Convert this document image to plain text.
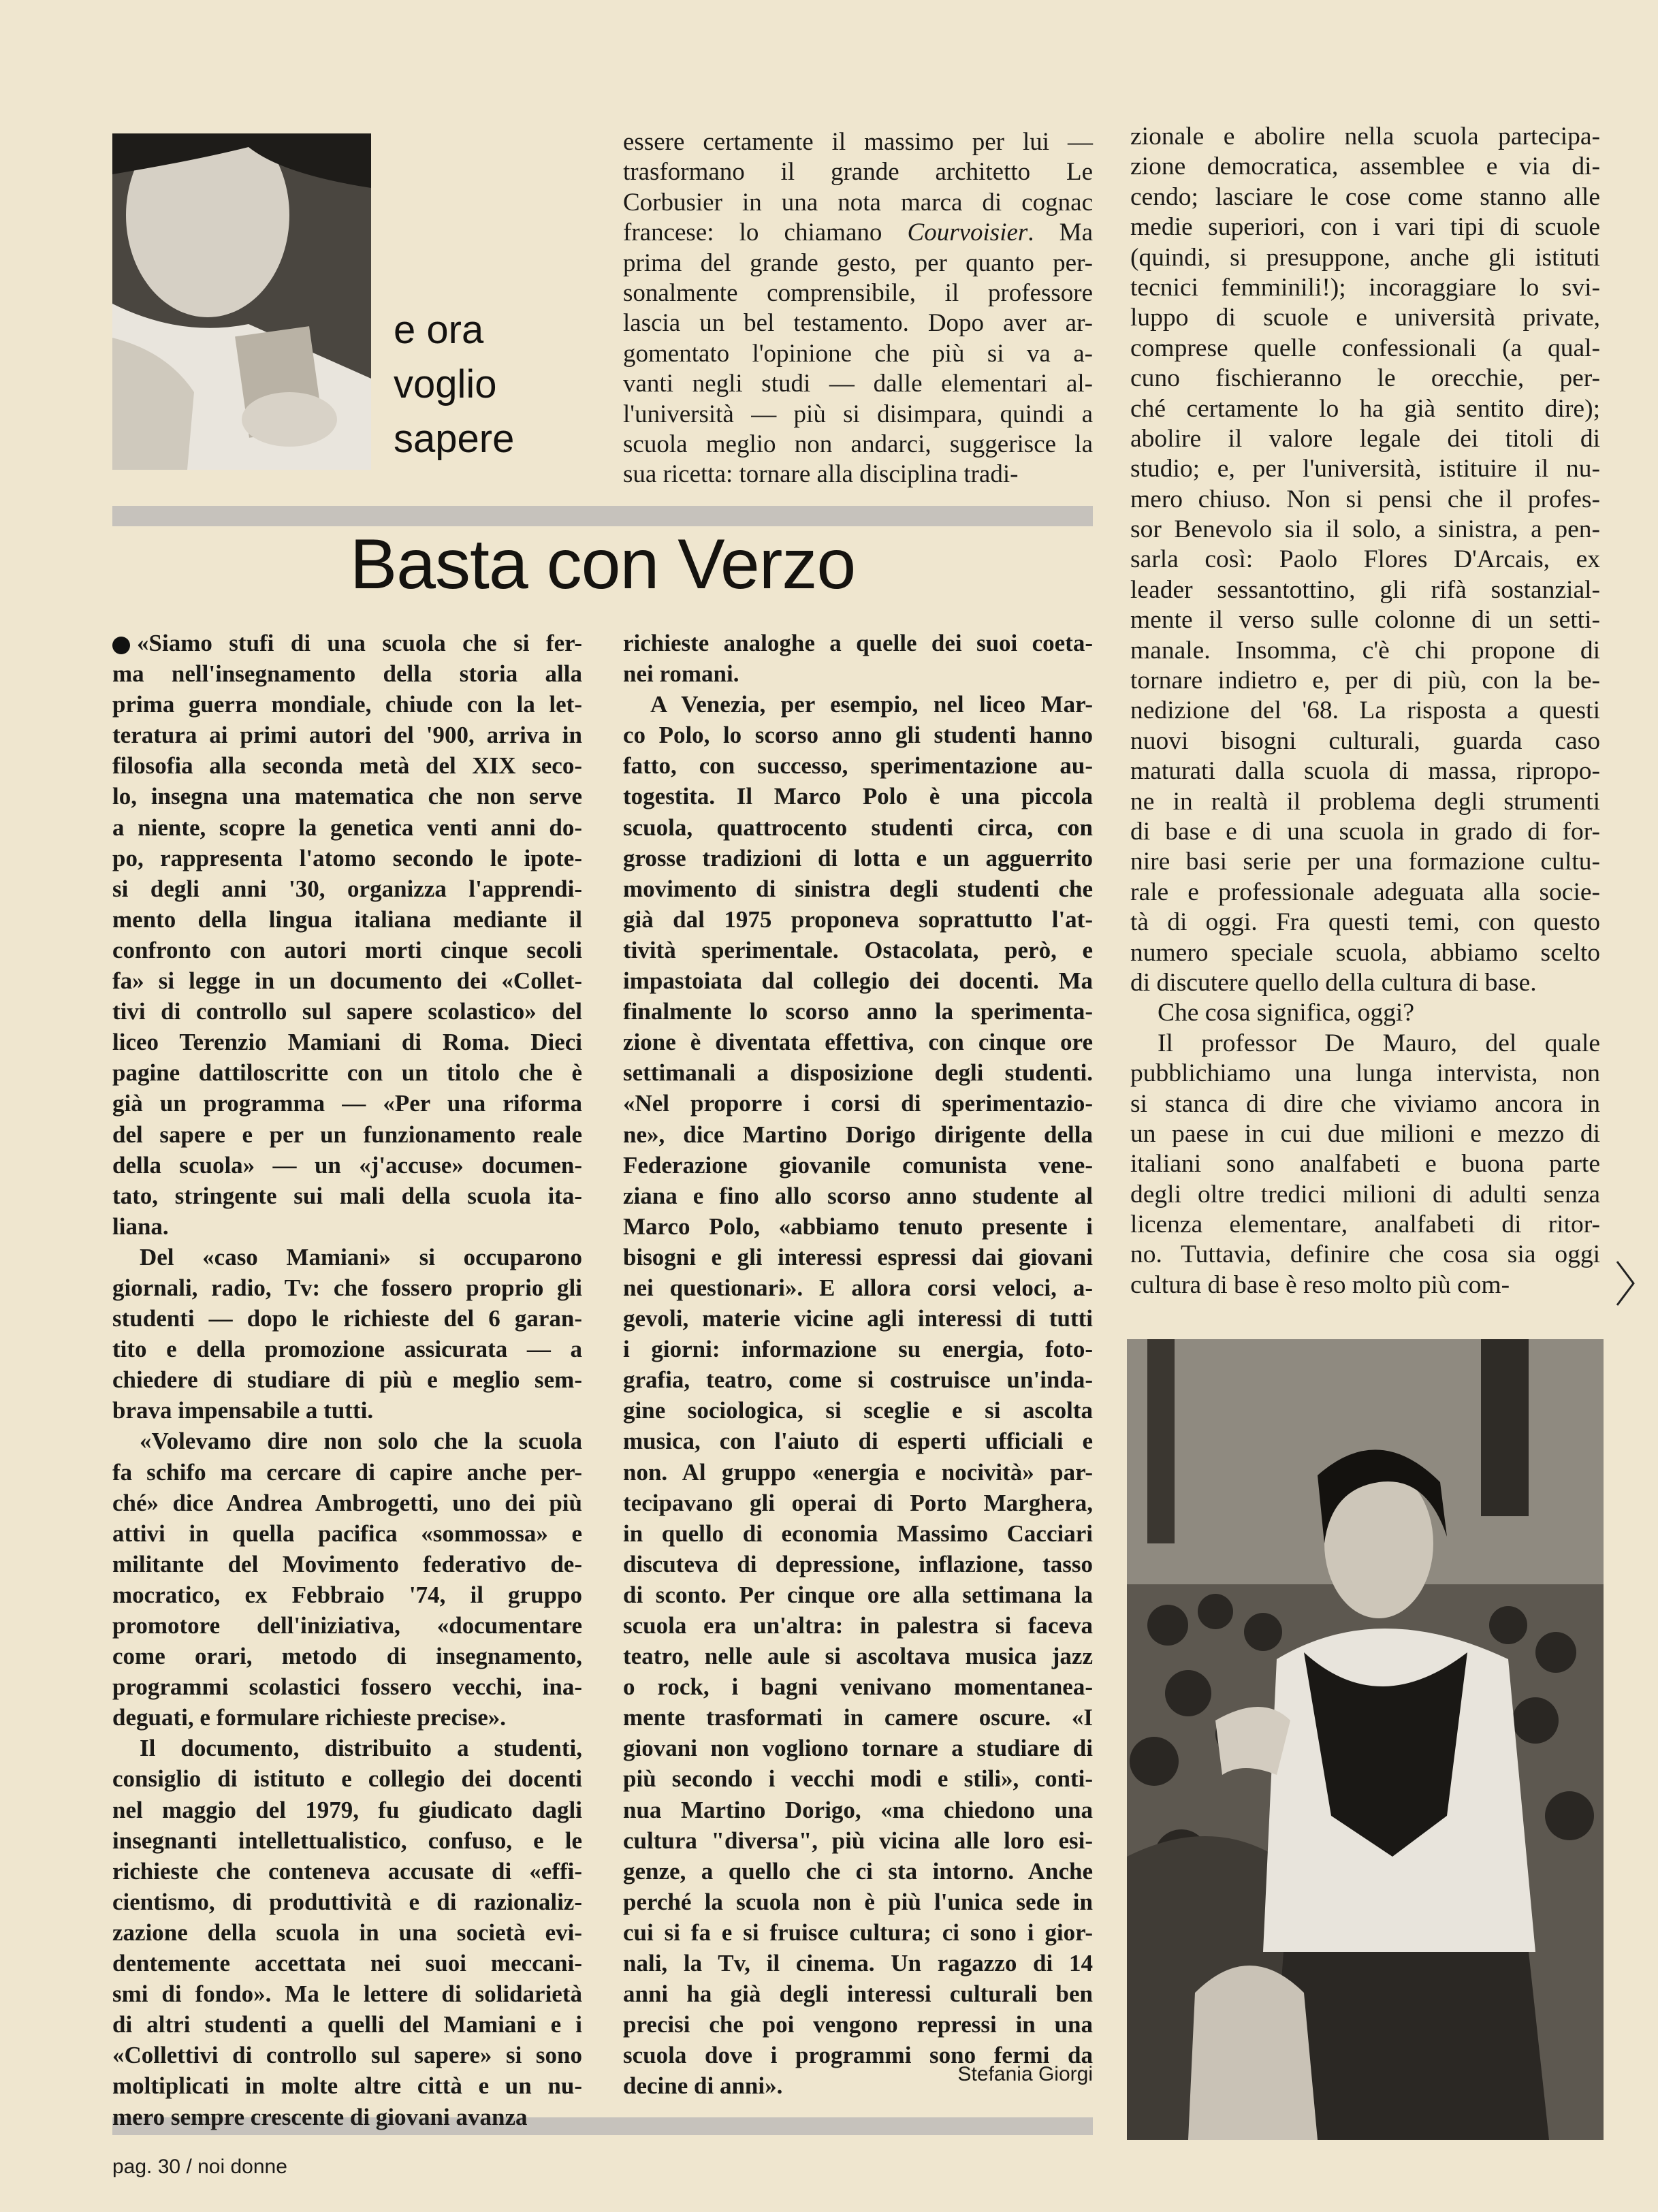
e ora
voglio
sapere
essere certamente il massimo per lui —
trasformano il grande architetto Le
Corbusier in una nota marca di cognac
francese: lo chiamano Courvoisier. Ma
prima del grande gesto, per quanto per-
sonalmente comprensibile, il professore
lascia un bel testamento. Dopo aver ar-
gomentato l'opinione che più si va a-
vanti negli studi — dalle elementari al-
l'università — più si disimpara, quindi a
scuola meglio non andarci, suggerisce la
sua ricetta: tornare alla disciplina tradi-
Basta con Verzo
«Siamo stufi di una scuola che si fer-
ma nell'insegnamento della storia alla
prima guerra mondiale, chiude con la let-
teratura ai primi autori del '900, arriva in
filosofia alla seconda metà del XIX seco-
lo, insegna una matematica che non serve
a niente, scopre la genetica venti anni do-
po, rappresenta l'atomo secondo le ipote-
si degli anni '30, organizza l'apprendi-
mento della lingua italiana mediante il
confronto con autori morti cinque secoli
fa» si legge in un documento dei «Collet-
tivi di controllo sul sapere scolastico» del
liceo Terenzio Mamiani di Roma. Dieci
pagine dattiloscritte con un titolo che è
già un programma — «Per una riforma
del sapere e per un funzionamento reale
della scuola» — un «j'accuse» documen-
tato, stringente sui mali della scuola ita-
liana.
Del «caso Mamiani» si occuparono
giornali, radio, Tv: che fossero proprio gli
studenti — dopo le richieste del 6 garan-
tito e della promozione assicurata — a
chiedere di studiare di più e meglio sem-
brava impensabile a tutti.
«Volevamo dire non solo che la scuola
fa schifo ma cercare di capire anche per-
ché» dice Andrea Ambrogetti, uno dei più
attivi in quella pacifica «sommossa» e
militante del Movimento federativo de-
mocratico, ex Febbraio '74, il gruppo
promotore dell'iniziativa, «documentare
come orari, metodo di insegnamento,
programmi scolastici fossero vecchi, ina-
deguati, e formulare richieste precise».
Il documento, distribuito a studenti,
consiglio di istituto e collegio dei docenti
nel maggio del 1979, fu giudicato dagli
insegnanti intellettualistico, confuso, e le
richieste che conteneva accusate di «effi-
cientismo, di produttività e di razionaliz-
zazione della scuola in una società evi-
dentemente accettata nei suoi meccani-
smi di fondo». Ma le lettere di solidarietà
di altri studenti a quelli del Mamiani e i
«Collettivi di controllo sul sapere» si sono
moltiplicati in molte altre città e un nu-
mero sempre crescente di giovani avanza
richieste analoghe a quelle dei suoi coeta-
nei romani.
A Venezia, per esempio, nel liceo Mar-
co Polo, lo scorso anno gli studenti hanno
fatto, con successo, sperimentazione au-
togestita. Il Marco Polo è una piccola
scuola, quattrocento studenti circa, con
grosse tradizioni di lotta e un agguerrito
movimento di sinistra degli studenti che
già dal 1975 proponeva soprattutto l'at-
tività sperimentale. Ostacolata, però, e
impastoiata dal collegio dei docenti. Ma
finalmente lo scorso anno la sperimenta-
zione è diventata effettiva, con cinque ore
settimanali a disposizione degli studenti.
«Nel proporre i corsi di sperimentazio-
ne», dice Martino Dorigo dirigente della
Federazione giovanile comunista vene-
ziana e fino allo scorso anno studente al
Marco Polo, «abbiamo tenuto presente i
bisogni e gli interessi espressi dai giovani
nei questionari». E allora corsi veloci, a-
gevoli, materie vicine agli interessi di tutti
i giorni: informazione su energia, foto-
grafia, teatro, come si costruisce un'inda-
gine sociologica, si sceglie e si ascolta
musica, con l'aiuto di esperti ufficiali e
non. Al gruppo «energia e nocività» par-
tecipavano gli operai di Porto Marghera,
in quello di economia Massimo Cacciari
discuteva di depressione, inflazione, tasso
di sconto. Per cinque ore alla settimana la
scuola era un'altra: in palestra si faceva
teatro, nelle aule si ascoltava musica jazz
o rock, i bagni venivano momentanea-
mente trasformati in camere oscure. «I
giovani non vogliono tornare a studiare di
più secondo i vecchi modi e stili», conti-
nua Martino Dorigo, «ma chiedono una
cultura "diversa", più vicina alle loro esi-
genze, a quello che ci sta intorno. Anche
perché la scuola non è più l'unica sede in
cui si fa e si fruisce cultura; ci sono i gior-
nali, la Tv, il cinema. Un ragazzo di 14
anni ha già degli interessi culturali ben
precisi che poi vengono repressi in una
scuola dove i programmi sono fermi da
decine di anni».	Stefania Giorgi
zionale e abolire nella scuola partecipa-
zione democratica, assemblee e via di-
cendo; lasciare le cose come stanno alle
medie superiori, con i vari tipi di scuole
(quindi, si presuppone, anche gli istituti
tecnici femminili!); incoraggiare lo svi-
luppo di scuole e università private,
comprese quelle confessionali (a qual-
cuno fischieranno le orecchie, per-
ché certamente lo ha già sentito dire);
abolire il valore legale dei titoli di
studio; e, per l'università, istituire il nu-
mero chiuso. Non si pensi che il profes-
sor Benevolo sia il solo, a sinistra, a pen-
sarla così: Paolo Flores D'Arcais, ex
leader sessantottino, gli rifà sostanzial-
mente il verso sulle colonne di un setti-
manale. Insomma, c'è chi propone di
tornare indietro e, per di più, con la be-
nedizione del '68. La risposta a questi
nuovi bisogni culturali, guarda caso
maturati dalla scuola di massa, ripropo-
ne in realtà il problema degli strumenti
di base e di una scuola in grado di for-
nire basi serie per una formazione cultu-
rale e professionale adeguata alla socie-
tà di oggi. Fra questi temi, con questo
numero speciale scuola, abbiamo scelto
di discutere quello della cultura di base.
Che cosa significa, oggi?
Il professor De Mauro, del quale
pubblichiamo una lunga intervista, non
si stanca di dire che viviamo ancora in
un paese in cui due milioni e mezzo di
italiani sono analfabeti e buona parte
degli oltre tredici milioni di adulti senza
licenza elementare, analfabeti di ritor-
no. Tuttavia, definire che cosa sia oggi
cultura di base è reso molto più com-
pag. 30 / noi donne
